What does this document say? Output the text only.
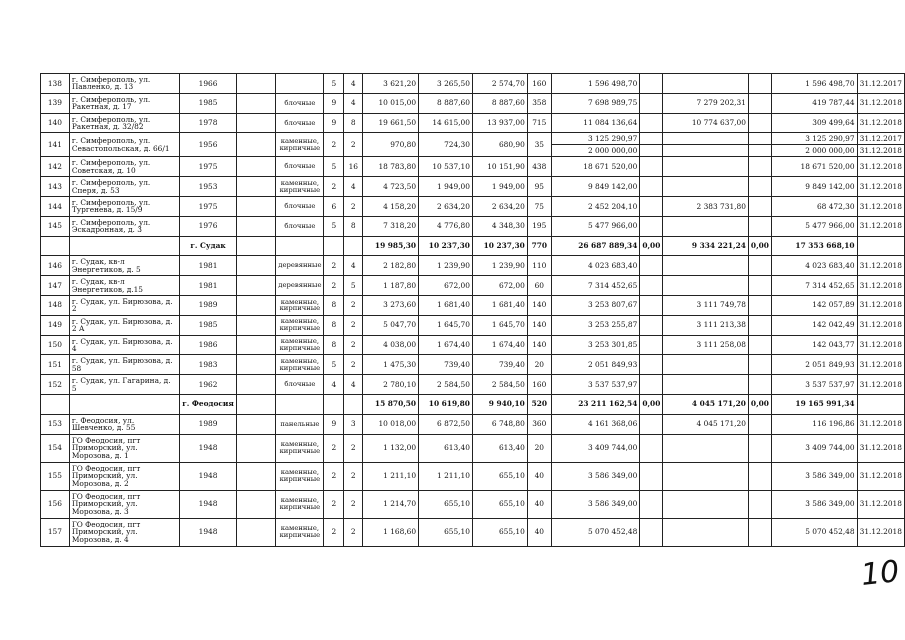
138	г. Симферополь, ул. Павленко, д. 13	1966			5	4	3 621,20	3 265,50	2 574,70	160	1 596 498,70				1 596 498,70	31.12.2017
139	г. Симферополь, ул. Ракетная, д. 17	1985		блочные	9	4	10 015,00	8 887,60	8 887,60	358	7 698 989,75		7 279 202,31		419 787,44	31.12.2018
140	г. Симферополь, ул. Ракетная, д. 32/82	1978		блочные	9	8	19 661,50	14 615,00	13 937,00	715	11 084 136,64		10 774 637,00		309 499,64	31.12.2018
141	г. Симферополь, ул. Севастопольская, д. 66/1	1956		каменные, кирпичные	2	2	970,80	724,30	680,90	35	3 125 290,97				3 125 290,97	31.12.2017
											2 000 000,00				2 000 000,00	31.12.2018
142	г. Симферополь, ул. Советская, д. 10	1975		блочные	5	16	18 783,80	10 537,10	10 151,90	438	18 671 520,00				18 671 520,00	31.12.2018
143	г. Симферополь, ул. Сперя, д. 53	1953		каменные, кирпичные	2	4	4 723,50	1 949,00	1 949,00	95	9 849 142,00				9 849 142,00	31.12.2018
144	г. Симферополь, ул. Тургенева, д. 15/9	1975		блочные	6	2	4 158,20	2 634,20	2 634,20	75	2 452 204,10		2 383 731,80		68 472,30	31.12.2018
145	г. Симферополь, ул. Эскадронная, д. 3	1976		блочные	5	8	7 318,20	4 776,80	4 348,30	195	5 477 966,00				5 477 966,00	31.12.2018
		г. Судак					19 985,30	10 237,30	10 237,30	770	26 687 889,34	0,00	9 334 221,24	0,00	17 353 668,10	
146	г. Судак, кв-л Энергетиков, д. 5	1981		деревянные	2	4	2 182,80	1 239,90	1 239,90	110	4 023 683,40				4 023 683,40	31.12.2018
147	г. Судак, кв-л Энергетиков, д.15	1981		деревянные	2	5	1 187,80	672,00	672,00	60	7 314 452,65				7 314 452,65	31.12.2018
148	г. Судак, ул. Бирюзова, д. 2	1989		каменные, кирпичные	8	2	3 273,60	1 681,40	1 681,40	140	3 253 807,67		3 111 749,78		142 057,89	31.12.2018
149	г. Судак, ул. Бирюзова, д. 2 А	1985		каменные, кирпичные	8	2	5 047,70	1 645,70	1 645,70	140	3 253 255,87		3 111 213,38		142 042,49	31.12.2018
150	г. Судак, ул. Бирюзова, д. 4	1986		каменные, кирпичные	8	2	4 038,00	1 674,40	1 674,40	140	3 253 301,85		3 111 258,08		142 043,77	31.12.2018
151	г. Судак, ул. Бирюзова, д. 58	1983		каменные, кирпичные	5	2	1 475,30	739,40	739,40	20	2 051 849,93				2 051 849,93	31.12.2018
152	г. Судак, ул. Гагарина, д. 5	1962		блочные	4	4	2 780,10	2 584,50	2 584,50	160	3 537 537,97				3 537 537,97	31.12.2018
		г. Феодосия					15 870,50	10 619,80	9 940,10	520	23 211 162,54	0,00	4 045 171,20	0,00	19 165 991,34	
153	г. Феодосия, ул. Шевченко, д. 55	1989		панельные	9	3	10 018,00	6 872,50	6 748,80	360	4 161 368,06		4 045 171,20		116 196,86	31.12.2018
154	ГО Феодосия, пгт Приморский, ул. Морозова, д. 1	1948		каменные, кирпичные	2	2	1 132,00	613,40	613,40	20	3 409 744,00				3 409 744,00	31.12.2018
155	ГО Феодосия, пгт Приморский, ул. Морозова, д. 2	1948		каменные, кирпичные	2	2	1 211,10	1 211,10	655,10	40	3 586 349,00				3 586 349,00	31.12.2018
156	ГО Феодосия, пгт Приморский, ул. Морозова, д. 3	1948		каменные, кирпичные	2	2	1 214,70	655,10	655,10	40	3 586 349,00				3 586 349,00	31.12.2018
157	ГО Феодосия, пгт Приморский, ул. Морозова, д. 4	1948		каменные, кирпичные	2	2	1 168,60	655,10	655,10	40	5 070 452,48				5 070 452,48	31.12.2018
10
